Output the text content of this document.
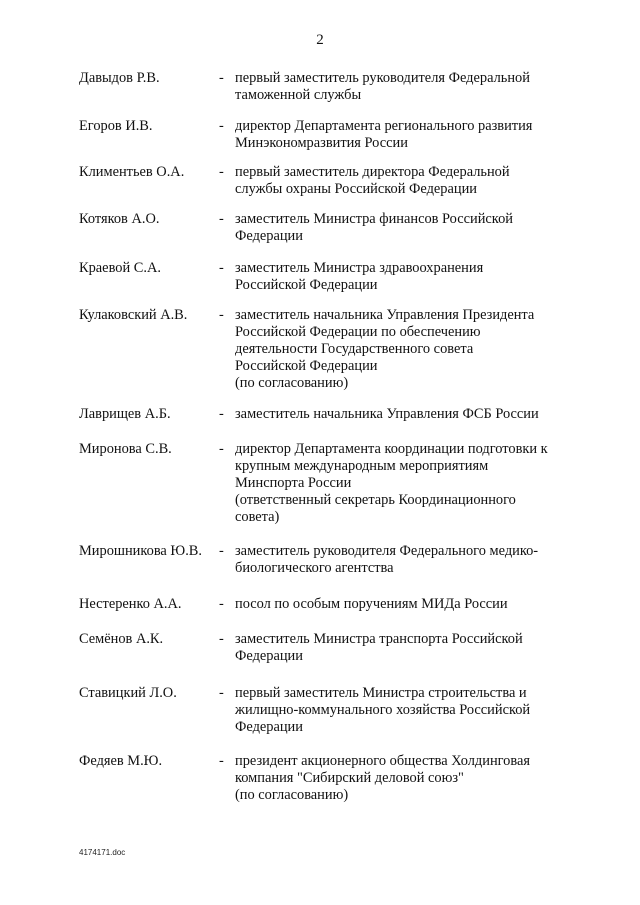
2
Давыдов Р.В.	- первый заместитель руководителя Федеральной
таможенной службы
Егоров И.В.	- директор Департамента регионального развития
Минэкономразвития России
Климентьев О.А. - первый заместитель директора Федеральной
службы охраны Российской Федерации
Котяков А.О.	- заместитель Министра финансов Российской
Федерации
Краевой С.А.	- заместитель Министра здравоохранения
Российской Федерации
Кулаковский А.В. - заместитель начальника Управления Президента
Российской Федерации по обеспечению
деятельности Государственного совета
Российской Федерации
(по согласованию)
Лаврищев А.Б.	- заместитель начальника Управления ФСБ России
Миронова С.В.	- директор Департамента координации подготовки к
крупным международным мероприятиям
Минспорта России
(ответственный секретарь Координационного
совета)
Мирошникова Ю.В. - заместитель руководителя Федерального медико-
биологического агентства
Нестеренко А.А.	- посол по особым поручениям МИДа России
Семёнов А.К.	- заместитель Министра транспорта Российской
Федерации
Ставицкий Л.О.	- первый заместитель Министра строительства и
жилищно-коммунального хозяйства Российской
Федерации
Федяев М.Ю.	- президент акционерного общества Холдинговая
компания "Сибирский деловой союз"
(по согласованию)
4174171.doc
